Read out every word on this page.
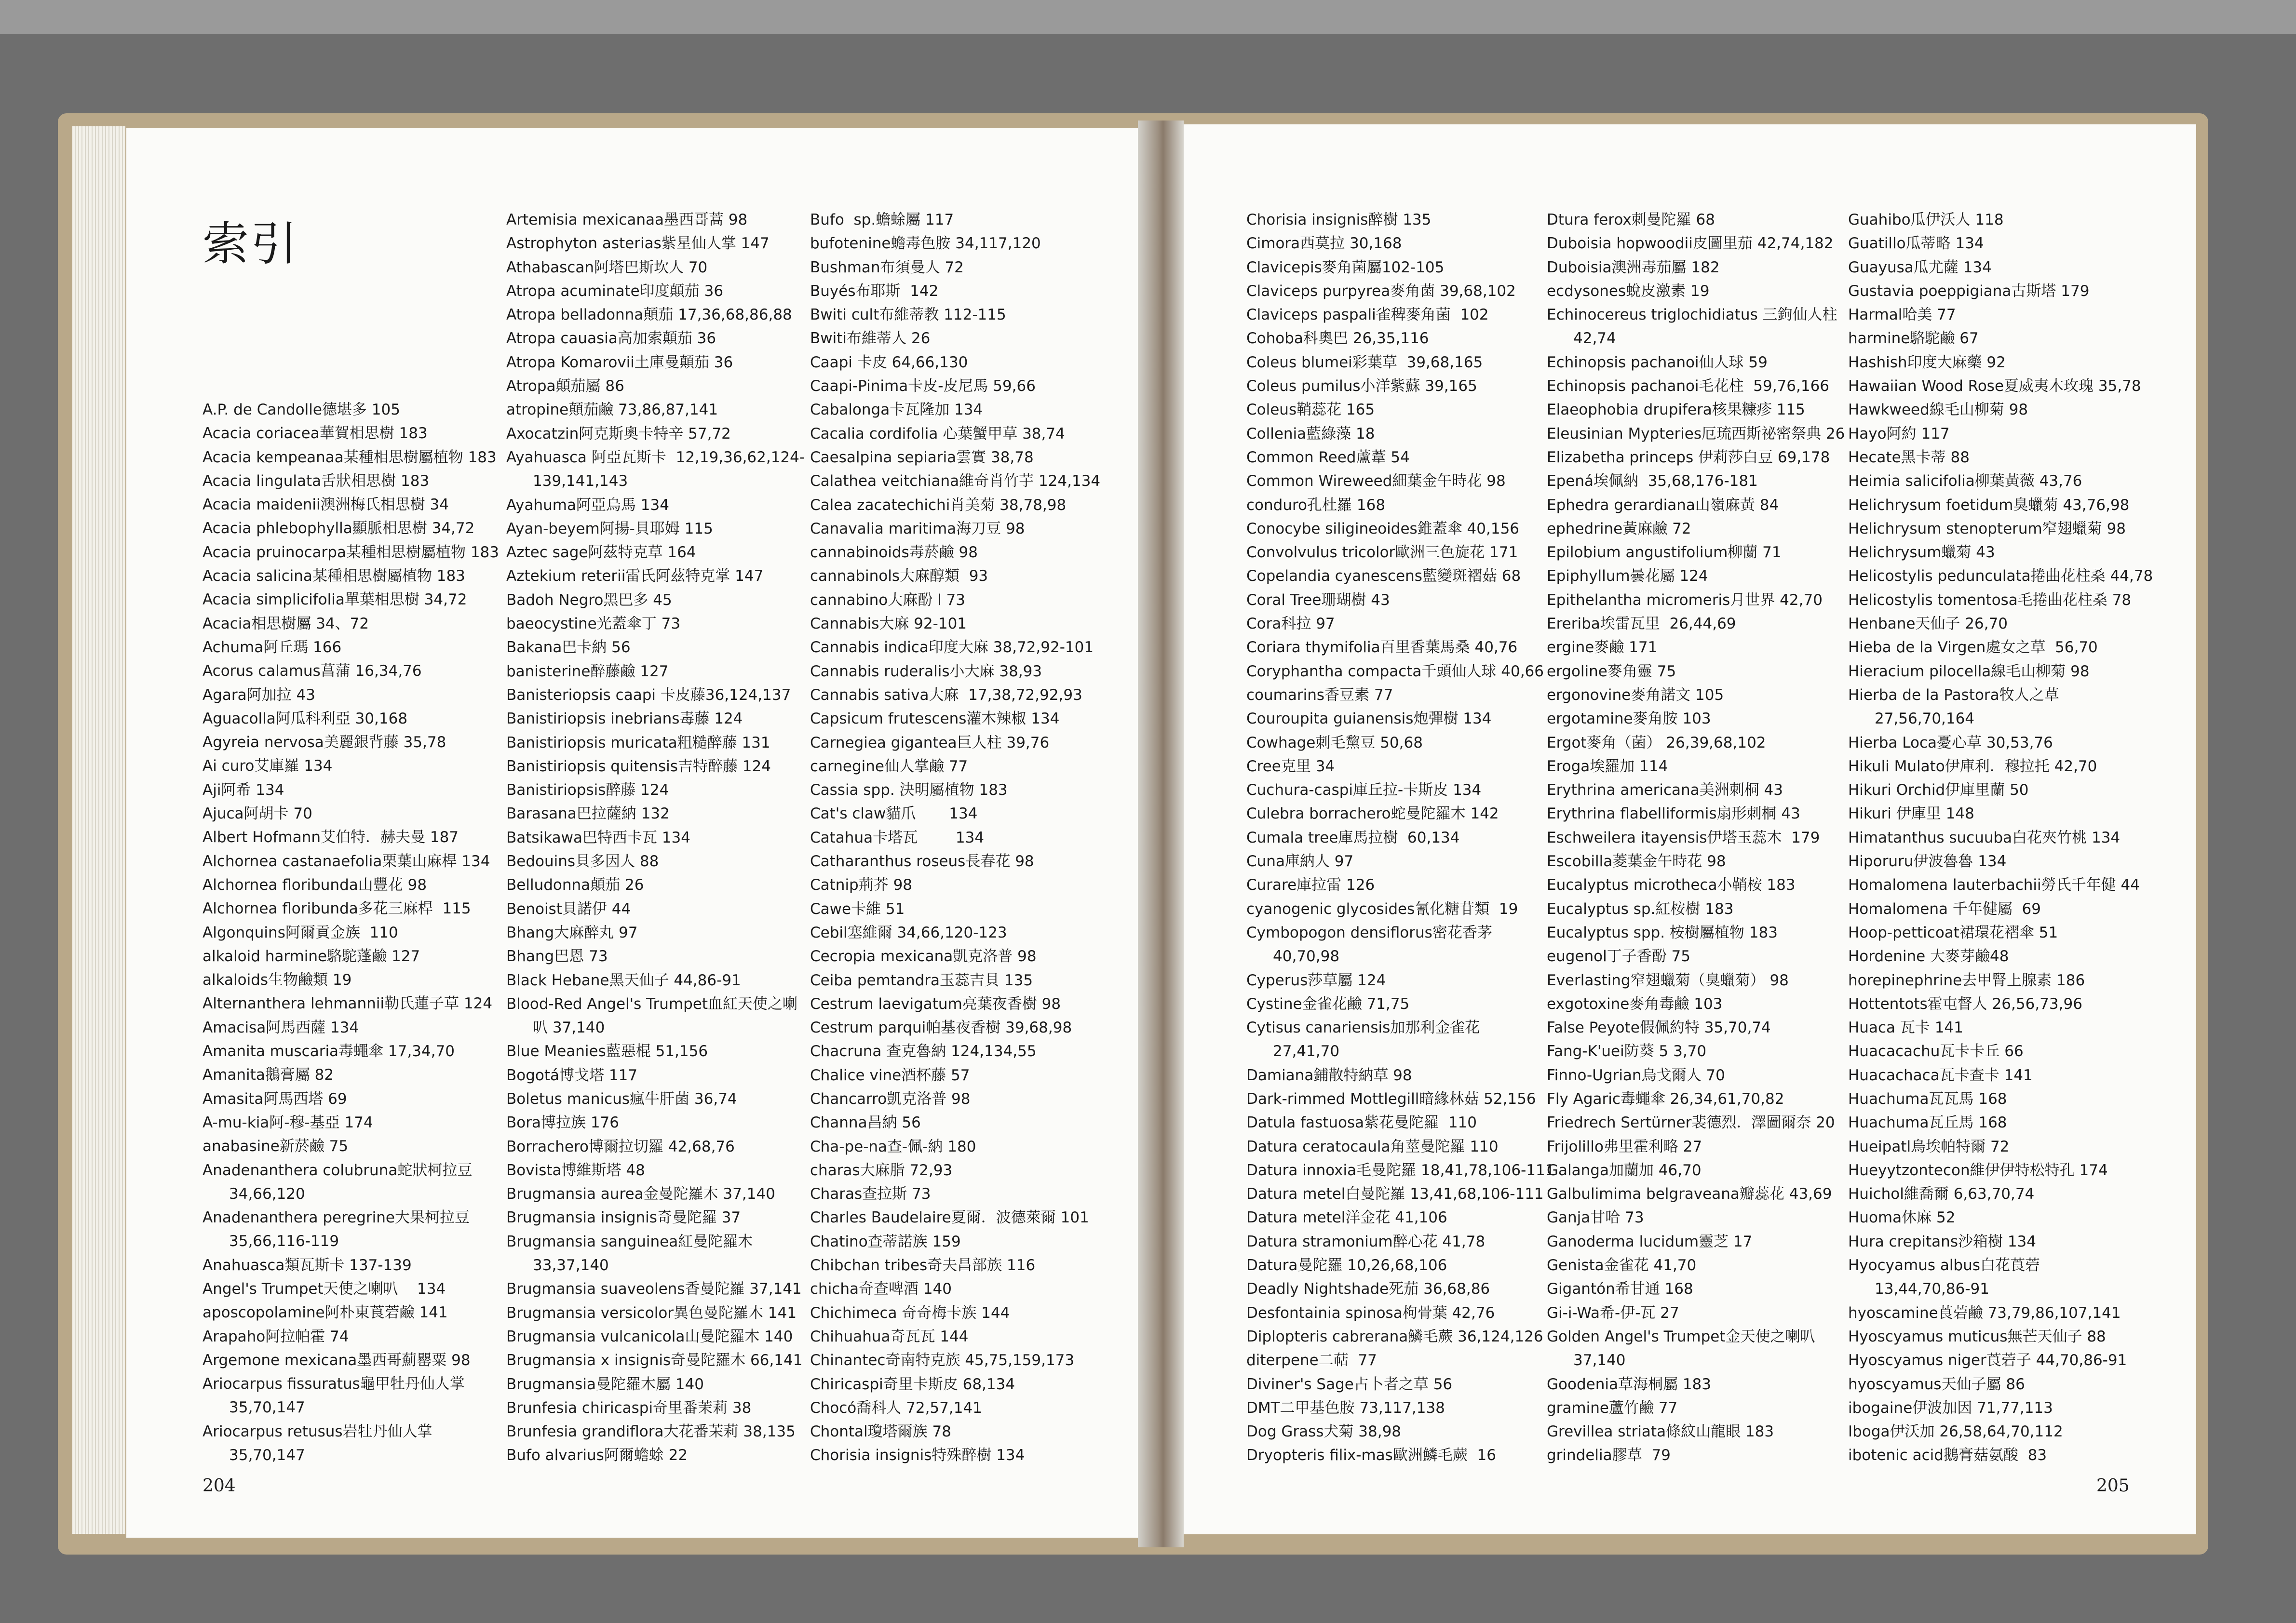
索引
A.P. de Candolle德堪多 105
Acacia coriacea華賀相思樹 183
Acacia kempeanaa某種相思樹屬植物 183
Acacia lingulata舌狀相思樹 183
Acacia maidenii澳洲梅氏相思樹 34
Acacia phlebophylla顯脈相思樹 34,72
Acacia pruinocarpa某種相思樹屬植物 183
Acacia salicina某種相思樹屬植物 183
Acacia simplicifolia單葉相思樹 34,72
Acacia相思樹屬 34、72
Achuma阿丘瑪 166
Acorus calamus菖蒲 16,34,76
Agara阿加拉 43
Aguacolla阿瓜科利亞 30,168
Agyreia nervosa美麗銀背藤 35,78
Ai curo艾庫羅 134
Aji阿希 134
Ajuca阿胡卡 70
Albert Hofmann艾伯特．赫夫曼 187
Alchornea castanaefolia栗葉山麻桿 134
Alchornea floribunda山豐花 98
Alchornea floribunda多花三麻桿  115
Algonquins阿爾貢金族  110
alkaloid harmine駱駝蓬鹼 127
alkaloids生物鹼類 19
Alternanthera lehmannii勒氏蓮子草 124
Amacisa阿馬西薩 134
Amanita muscaria毒蠅傘 17,34,70
Amanita鵝膏屬 82
Amasita阿馬西塔 69
A-mu-kia阿-穆-基亞 174
anabasine新菸鹼 75
Anadenanthera colubruna蛇狀柯拉豆
34,66,120
Anadenanthera peregrine大果柯拉豆
35,66,116-119
Anahuasca類瓦斯卡 137-139
Angel's Trumpet天使之喇叭    134
aposcopolamine阿朴東莨菪鹼 141
Arapaho阿拉帕霍 74
Argemone mexicana墨西哥薊罌粟 98
Ariocarpus fissuratus龜甲牡丹仙人掌
35,70,147
Ariocarpus retusus岩牡丹仙人掌
35,70,147
Artemisia mexicanaa墨西哥蒿 98
Astrophyton asterias紫星仙人掌 147
Athabascan阿塔巴斯坎人 70
Atropa acuminate印度顛茄 36
Atropa belladonna顛茄 17,36,68,86,88
Atropa cauasia高加索顛茄 36
Atropa Komarovii土庫曼顛茄 36
Atropa顛茄屬 86
atropine顛茄鹼 73,86,87,141
Axocatzin阿克斯奧卡特辛 57,72
Ayahuasca 阿亞瓦斯卡  12,19,36,62,124-
139,141,143
Ayahuma阿亞烏馬 134
Ayan-beyem阿揚-貝耶姆 115
Aztec sage阿茲特克草 164
Aztekium reterii雷氏阿茲特克掌 147
Badoh Negro黑巴多 45
baeocystine光蓋傘丁 73
Bakana巴卡納 56
banisterine醉藤鹼 127
Banisteriopsis caapi 卡皮藤36,124,137
Banistiriopsis inebrians毒藤 124
Banistiriopsis muricata粗糙醉藤 131
Banistiriopsis quitensis吉特醉藤 124
Banistiriopsis醉藤 124
Barasana巴拉薩納 132
Batsikawa巴特西卡瓦 134
Bedouins貝多因人 88
Belludonna顛茄 26
Benoist貝諾伊 44
Bhang大麻醉丸 97
Bhang巴恩 73
Black Hebane黑天仙子 44,86-91
Blood-Red Angel's Trumpet血紅天使之喇
叭 37,140
Blue Meanies藍惡棍 51,156
Bogotá博戈塔 117
Boletus manicus瘋牛肝菌 36,74
Bora博拉族 176
Borrachero博爾拉切羅 42,68,76
Bovista博維斯塔 48
Brugmansia aurea金曼陀羅木 37,140
Brugmansia insignis奇曼陀羅 37
Brugmansia sanguinea紅曼陀羅木
33,37,140
Brugmansia suaveolens香曼陀羅 37,141
Brugmansia versicolor異色曼陀羅木 141
Brugmansia vulcanicola山曼陀羅木 140
Brugmansia x insignis奇曼陀羅木 66,141
Brugmansia曼陀羅木屬 140
Brunfesia chiricaspi奇里番茉莉 38
Brunfesia grandiflora大花番茉莉 38,135
Bufo alvarius阿爾蟾蜍 22
Bufo  sp.蟾蜍屬 117
bufotenine蟾毒色胺 34,117,120
Bushman布須曼人 72
Buyés布耶斯  142
Bwiti cult布維蒂教 112-115
Bwiti布維蒂人 26
Caapi 卡皮 64,66,130
Caapi-Pinima卡皮-皮尼馬 59,66
Cabalonga卡瓦隆加 134
Cacalia cordifolia 心葉蟹甲草 38,74
Caesalpina sepiaria雲實 38,78
Calathea veitchiana維奇肖竹芋 124,134
Calea zacatechichi肖美菊 38,78,98
Canavalia maritima海刀豆 98
cannabinoids毒菸鹼 98
cannabinols大麻醇類  93
cannabino大麻酚 l 73
Cannabis大麻 92-101
Cannabis indica印度大麻 38,72,92-101
Cannabis ruderalis小大麻 38,93
Cannabis sativa大麻  17,38,72,92,93
Capsicum frutescens灌木辣椒 134
Carnegiea gigantea巨人柱 39,76
carnegine仙人掌鹼 77
Cassia spp. 決明屬植物 183
Cat's claw貓爪       134
Catahua卡塔瓦        134
Catharanthus roseus長春花 98
Catnip荊芥 98
Cawe卡維 51
Cebil塞維爾 34,66,120-123
Cecropia mexicana凱克洛普 98
Ceiba pemtandra玉蕊吉貝 135
Cestrum laevigatum亮葉夜香樹 98
Cestrum parqui帕基夜香樹 39,68,98
Chacruna 查克魯納 124,134,55
Chalice vine酒杯藤 57
Chancarro凱克洛普 98
Channa昌納 56
Cha-pe-na查-佩-納 180
charas大麻脂 72,93
Charas查拉斯 73
Charles Baudelaire夏爾．波德萊爾 101
Chatino查蒂諾族 159
Chibchan tribes奇夫昌部族 116
chicha奇查啤酒 140
Chichimeca 奇奇梅卡族 144
Chihuahua奇瓦瓦 144
Chinantec奇南特克族 45,75,159,173
Chiricaspi奇里卡斯皮 68,134
Chocó喬科人 72,57,141
Chontal瓊塔爾族 78
Chorisia insignis特殊醉樹 134
Chorisia insignis醉樹 135
Cimora西莫拉 30,168
Clavicepis麥角菌屬102-105
Claviceps purpyrea麥角菌 39,68,102
Claviceps paspali雀稗麥角菌  102
Cohoba科奧巴 26,35,116
Coleus blumei彩葉草  39,68,165
Coleus pumilus小洋紫蘇 39,165
Coleus鞘蕊花 165
Collenia藍綠藻 18
Common Reed蘆葦 54
Common Wireweed細葉金午時花 98
conduro孔杜羅 168
Conocybe siligineoides錐蓋傘 40,156
Convolvulus tricolor歐洲三色旋花 171
Copelandia cyanescens藍變斑褶菇 68
Coral Tree珊瑚樹 43
Cora科拉 97
Coriara thymifolia百里香葉馬桑 40,76
Coryphantha compacta千頭仙人球 40,66
coumarins香豆素 77
Couroupita guianensis炮彈樹 134
Cowhage刺毛黧豆 50,68
Cree克里 34
Cuchura-caspi庫丘拉-卡斯皮 134
Culebra borrachero蛇曼陀羅木 142
Cumala tree庫馬拉樹  60,134
Cuna庫納人 97
Curare庫拉雷 126
cyanogenic glycosides氰化糖苷類  19
Cymbopogon densiflorus密花香茅
40,70,98
Cyperus莎草屬 124
Cystine金雀花鹼 71,75
Cytisus canariensis加那利金雀花
27,41,70
Damiana鋪散特納草 98
Dark-rimmed Mottlegill暗緣林菇 52,156
Datula fastuosa紫花曼陀羅  110
Datura ceratocaula角莖曼陀羅 110
Datura innoxia毛曼陀羅 18,41,78,106-111
Datura metel白曼陀羅 13,41,68,106-111
Datura metel洋金花 41,106
Datura stramonium醉心花 41,78
Datura曼陀羅 10,26,68,106
Deadly Nightshade死茄 36,68,86
Desfontainia spinosa枸骨葉 42,76
Diplopteris cabrerana鱗毛蕨 36,124,126
diterpene二萜  77
Diviner's Sage占卜者之草 56
DMT二甲基色胺 73,117,138
Dog Grass犬菊 38,98
Dryopteris filix-mas歐洲鱗毛蕨  16
Dtura ferox刺曼陀羅 68
Duboisia hopwoodii皮圖里茄 42,74,182
Duboisia澳洲毒茄屬 182
ecdysones蛻皮激素 19
Echinocereus triglochidiatus 三鉤仙人柱
42,74
Echinopsis pachanoi仙人球 59
Echinopsis pachanoi毛花柱  59,76,166
Elaeophobia drupifera核果糠疹 115
Eleusinian Mypteries厄琉西斯祕密祭典 26
Elizabetha princeps 伊莉莎白豆 69,178
Epená埃佩納  35,68,176-181
Ephedra gerardiana山嶺麻黃 84
ephedrine黃麻鹼 72
Epilobium angustifolium柳蘭 71
Epiphyllum曇花屬 124
Epithelantha micromeris月世界 42,70
Ereriba埃雷瓦里  26,44,69
ergine麥鹼 171
ergoline麥角靈 75
ergonovine麥角諾文 105
ergotamine麥角胺 103
Ergot麥角（菌） 26,39,68,102
Eroga埃羅加 114
Erythrina americana美洲刺桐 43
Erythrina flabelliformis扇形刺桐 43
Eschweilera itayensis伊塔玉蕊木  179
Escobilla菱葉金午時花 98
Eucalyptus microtheca小鞘桉 183
Eucalyptus sp.紅桉樹 183
Eucalyptus spp. 桉樹屬植物 183
eugenol丁子香酚 75
Everlasting窄翅蠟菊（臭蠟菊） 98
exgotoxine麥角毒鹼 103
False Peyote假佩約特 35,70,74
Fang-K'uei防葵 5 3,70
Finno-Ugrian烏戈爾人 70
Fly Agaric毒蠅傘 26,34,61,70,82
Friedrech Sertürner裴德烈．澤圖爾奈 20
Frijolillo弗里霍利略 27
Galanga加蘭加 46,70
Galbulimima belgraveana瓣蕊花 43,69
Ganja甘哈 73
Ganoderma lucidum靈芝 17
Genista金雀花 41,70
Gigantón希甘通 168
Gi-i-Wa希-伊-瓦 27
Golden Angel's Trumpet金天使之喇叭
37,140
Goodenia草海桐屬 183
gramine蘆竹鹼 77
Grevillea striata條紋山龍眼 183
grindelia膠草  79
Guahibo瓜伊沃人 118
Guatillo瓜蒂略 134
Guayusa瓜尤薩 134
Gustavia poeppigiana古斯塔 179
Harmal哈美 77
harmine駱駝鹼 67
Hashish印度大麻藥 92
Hawaiian Wood Rose夏威夷木玫瑰 35,78
Hawkweed線毛山柳菊 98
Hayo阿約 117
Hecate黑卡蒂 88
Heimia salicifolia柳葉黃薇 43,76
Helichrysum foetidum臭蠟菊 43,76,98
Helichrysum stenopterum窄翅蠟菊 98
Helichrysum蠟菊 43
Helicostylis pedunculata捲曲花柱桑 44,78
Helicostylis tomentosa毛捲曲花柱桑 78
Henbane天仙子 26,70
Hieba de la Virgen處女之草  56,70
Hieracium pilocella線毛山柳菊 98
Hierba de la Pastora牧人之草
27,56,70,164
Hierba Loca憂心草 30,53,76
Hikuli Mulato伊庫利．穆拉托 42,70
Hikuri Orchid伊庫里蘭 50
Hikuri 伊庫里 148
Himatanthus sucuuba白花夾竹桃 134
Hiporuru伊波魯魯 134
Homalomena lauterbachii勞氏千年健 44
Homalomena 千年健屬  69
Hoop-petticoat裙環花褶傘 51
Hordenine 大麥芽鹼48
horepinephrine去甲腎上腺素 186
Hottentots霍屯督人 26,56,73,96
Huaca 瓦卡 141
Huacacachu瓦卡卡丘 66
Huacachaca瓦卡查卡 141
Huachuma瓦瓦馬 168
Huachuma瓦丘馬 168
Hueipatl烏埃帕特爾 72
Hueyytzontecon維伊伊特松特孔 174
Huichol維喬爾 6,63,70,74
Huoma休麻 52
Hura crepitans沙箱樹 134
Hyocyamus albus白花莨菪
13,44,70,86-91
hyoscamine莨菪鹼 73,79,86,107,141
Hyoscyamus muticus無芒天仙子 88
Hyoscyamus niger莨菪子 44,70,86-91
hyoscyamus天仙子屬 86
ibogaine伊波加因 71,77,113
Iboga伊沃加 26,58,64,70,112
ibotenic acid鵝膏菇氨酸  83
204	205
